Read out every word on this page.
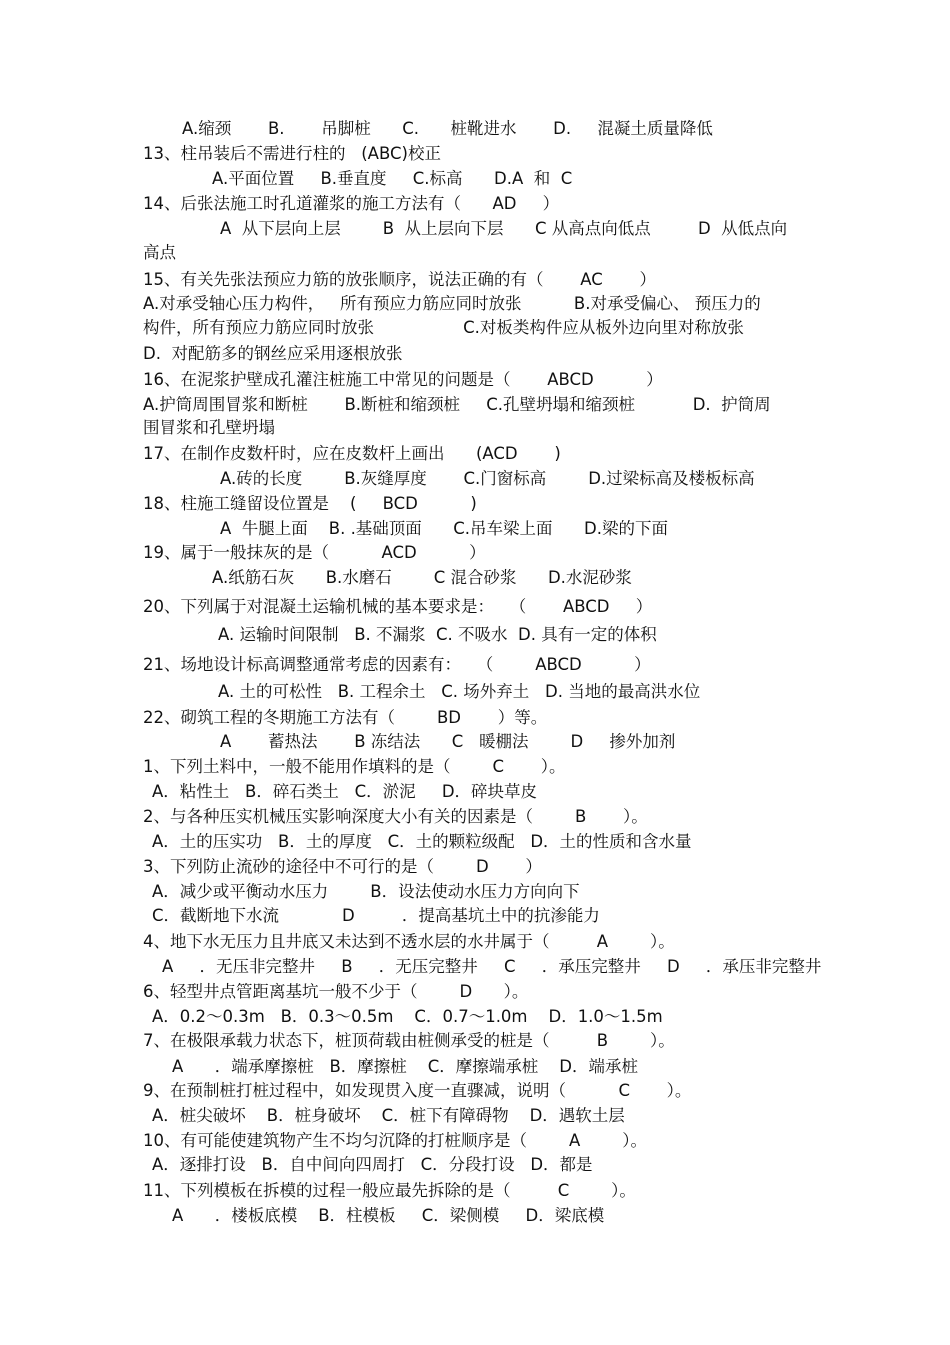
A.缩颈       B.       吊脚桩      C.      桩靴进水       D.     混凝土质量降低
13、柱吊装后不需进行柱的   (ABC)校正
A.平面位置     B.垂直度     C.标高      D.A  和  C
14、后张法施工时孔道灌浆的施工方法有（      AD     ）
A  从下层向上层        B  从上层向下层      C 从高点向低点         D  从低点向
高点
15、有关先张法预应力筋的放张顺序，说法正确的有（       AC       ）
A.对承受轴心压力构件，   所有预应力筋应同时放张          B.对承受偏心、 预压力的
构件，所有预应力筋应同时放张                 C.对板类构件应从板外边向里对称放张
D.  对配筋多的钢丝应采用逐根放张
16、在泥浆护壁成孔灌注桩施工中常见的问题是（       ABCD          ）
A.护筒周围冒浆和断桩       B.断桩和缩颈桩     C.孔壁坍塌和缩颈桩           D.  护筒周
围冒浆和孔壁坍塌
17、在制作皮数杆时，应在皮数杆上画出      (ACD       )
A.砖的长度        B.灰缝厚度       C.门窗标高        D.过梁标高及楼板标高
18、柱施工缝留设位置是    (     BCD          )
A  牛腿上面    B. .基础顶面      C.吊车梁上面      D.梁的下面
19、属于一般抹灰的是（          ACD          ）
A.纸筋石灰      B.水磨石        C 混合砂浆      D.水泥砂浆
20、下列属于对混凝土运输机械的基本要求是：   （       ABCD     ）
A. 运输时间限制   B. 不漏浆  C. 不吸水  D. 具有一定的体积
21、场地设计标高调整通常考虑的因素有：   （        ABCD          ）
A. 土的可松性   B. 工程余土   C. 场外弃土   D. 当地的最高洪水位
22、砌筑工程的冬期施工方法有（        BD       ）等。
A       蓄热法       B 冻结法      C   暖棚法        D     掺外加剂
1、下列土料中，一般不能用作填料的是（        C       ）。
A．粘性土   B．碎石类土   C．淤泥     D．碎块草皮
2、与各种压实机械压实影响深度大小有关的因素是（        B       ）。
A．土的压实功   B．土的厚度   C．土的颗粒级配   D．土的性质和含水量
3、下列防止流砂的途径中不可行的是（        D       ）
A．减少或平衡动水压力        B．设法使动水压力方向向下
C．截断地下水流            D         ．提高基坑土中的抗渗能力
4、地下水无压力且井底又未达到不透水层的水井属于（         A        ）。
A     ．无压非完整井     B     ．无压完整井     C     ．承压完整井     D     ．承压非完整井
6、轻型井点管距离基坑一般不少于（        D      ）。
A．0.2～0.3m   B．0.3～0.5m    C．0.7～1.0m    D．1.0～1.5m
7、在极限承载力状态下，桩顶荷载由桩侧承受的桩是（         B        ）。
A      ．端承摩擦桩   B．摩擦桩    C．摩擦端承桩    D．端承桩
9、在预制桩打桩过程中，如发现贯入度一直骤减，说明（          C       ）。
A．桩尖破坏    B．桩身破坏    C．桩下有障碍物    D．遇软土层
10、有可能使建筑物产生不均匀沉降的打桩顺序是（        A        ）。
A．逐排打设   B．自中间向四周打   C．分段打设   D．都是
11、下列模板在拆模的过程一般应最先拆除的是（         C        ）。
A      ．楼板底模    B．柱模板     C．梁侧模     D．梁底模
